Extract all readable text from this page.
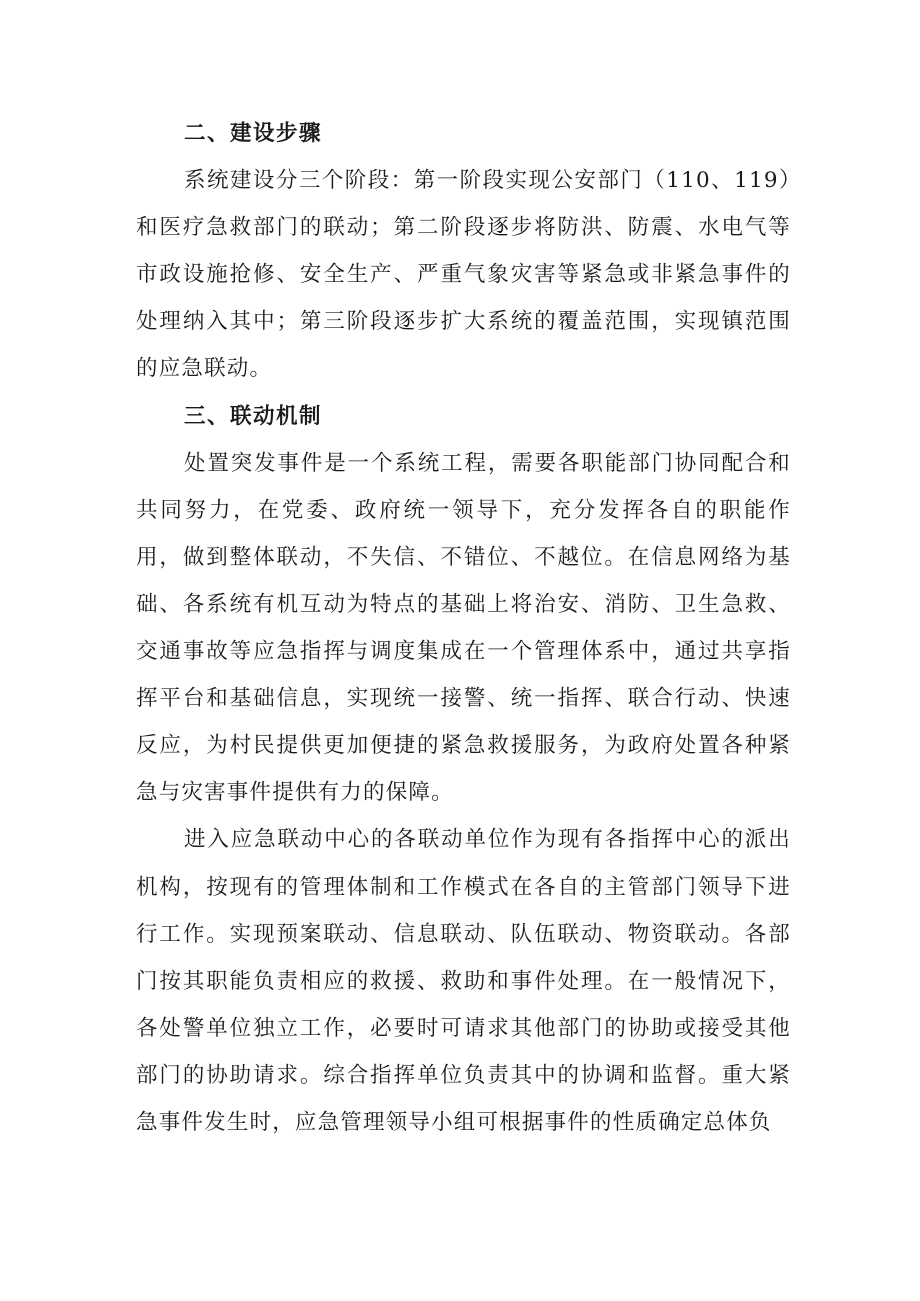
二、建设步骤

系统建设分三个阶段：第一阶段实现公安部门（110、119）和医疗急救部门的联动；第二阶段逐步将防洪、防震、水电气等市政设施抢修、安全生产、严重气象灾害等紧急或非紧急事件的处理纳入其中；第三阶段逐步扩大系统的覆盖范围，实现镇范围的应急联动。

三、联动机制

处置突发事件是一个系统工程，需要各职能部门协同配合和共同努力，在党委、政府统一领导下，充分发挥各自的职能作用，做到整体联动，不失信、不错位、不越位。在信息网络为基础、各系统有机互动为特点的基础上将治安、消防、卫生急救、交通事故等应急指挥与调度集成在一个管理体系中，通过共享指挥平台和基础信息，实现统一接警、统一指挥、联合行动、快速反应，为村民提供更加便捷的紧急救援服务，为政府处置各种紧急与灾害事件提供有力的保障。

进入应急联动中心的各联动单位作为现有各指挥中心的派出机构，按现有的管理体制和工作模式在各自的主管部门领导下进行工作。实现预案联动、信息联动、队伍联动、物资联动。各部门按其职能负责相应的救援、救助和事件处理。在一般情况下，各处警单位独立工作，必要时可请求其他部门的协助或接受其他部门的协助请求。综合指挥单位负责其中的协调和监督。重大紧急事件发生时，应急管理领导小组可根据事件的性质确定总体负
